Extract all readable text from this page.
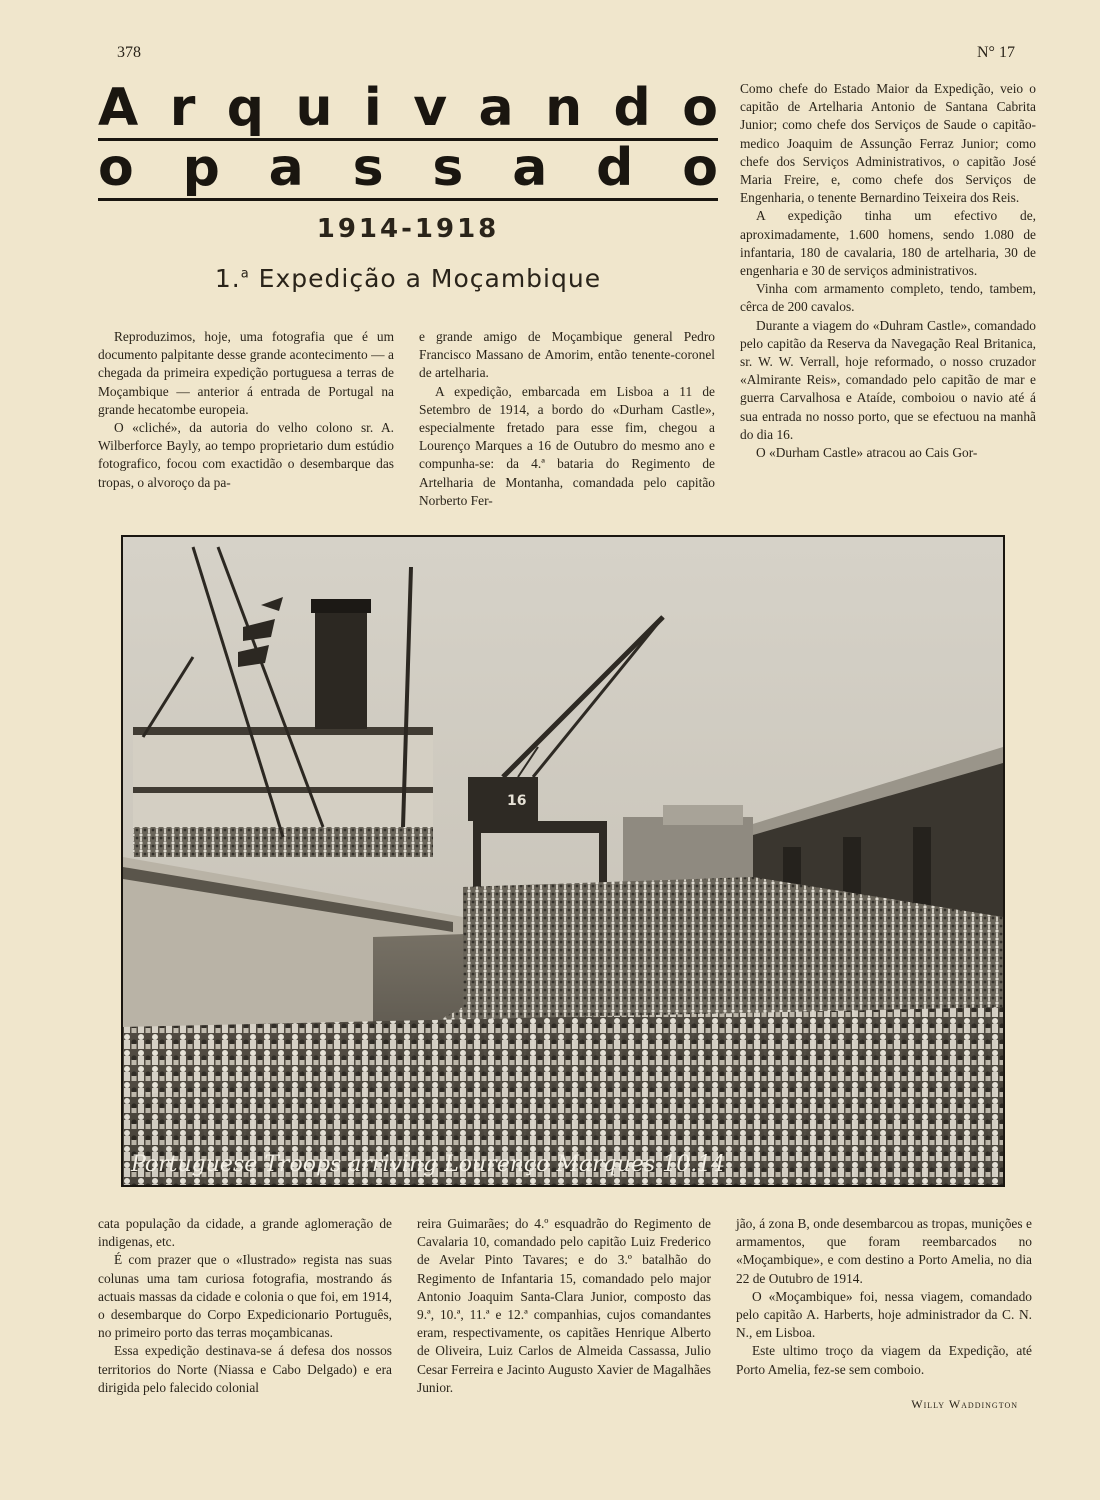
378	N° 17
A r q u i v a n d o
o p a s s a d o
1914-1918
1.$^a$ Expedição a Moçambique

Como chefe do Estado Maior da Expedição, veio o capitão de Artelharia Antonio de Santana Cabrita Junior; como chefe dos Serviços de Saude o capitão-medico Joaquim de Assunção Ferraz Junior; como chefe dos Serviços Administrativos, o capitão José Maria Freire, e, como chefe dos Serviços de Engenharia, o tenente Bernardino Teixeira dos Reis.

A expedição tinha um efectivo de, aproximadamente, 1.600 homens, sendo 1.080 de infantaria, 180 de cavalaria, 180 de artelharia, 30 de engenharia e 30 de serviços administrativos.

Vinha com armamento completo, tendo, tambem, cêrca de 200 cavalos.

Durante a viagem do «Duhram Castle», comandado pelo capitão da Reserva da Navegação Real Britanica, sr. W. W. Verrall, hoje reformado, o nosso cruzador «Almirante Reis», comandado pelo capitão de mar e guerra Carvalhosa e Ataíde, comboiou o navio até á sua entrada no nosso porto, que se efectuou na manhã do dia 16.

O «Durham Castle» atracou ao Cais Gor-

Reproduzimos, hoje, uma fotografia que é um documento palpitante desse grande acontecimento — a chegada da primeira expedição portuguesa a terras de Moçambique — anterior á entrada de Portugal na grande hecatombe europeia.

O «cliché», da autoria do velho colono sr. A. Wilberforce Bayly, ao tempo proprietario dum estúdio fotografico, focou com exactidão o desembarque das tropas, o alvoroço da pa-

e grande amigo de Moçambique general Pedro Francisco Massano de Amorim, então tenente-coronel de artelharia.

A expedição, embarcada em Lisboa a 11 de Setembro de 1914, a bordo do «Durham Castle», especialmente fretado para esse fim, chegou a Lourenço Marques a 16 de Outubro do mesmo ano e compunha-se: da 4.ª bataria do Regimento de Artelharia de Montanha, comandada pelo capitão Norberto Fer-

16
Portuguese Troops arriving Lourenço Marques 10.14

cata população da cidade, a grande aglomeração de indigenas, etc.

É com prazer que o «Ilustrado» regista nas suas colunas uma tam curiosa fotografia, mostrando ás actuais massas da cidade e colonia o que foi, em 1914, o desembarque do Corpo Expedicionario Português, no primeiro porto das terras moçambicanas.

Essa expedição destinava-se á defesa dos nossos territorios do Norte (Niassa e Cabo Delgado) e era dirigida pelo falecido colonial

reira Guimarães; do 4.º esquadrão do Regimento de Cavalaria 10, comandado pelo capitão Luiz Frederico de Avelar Pinto Tavares; e do 3.º batalhão do Regimento de Infantaria 15, comandado pelo major Antonio Joaquim Santa-Clara Junior, composto das 9.ª, 10.ª, 11.ª e 12.ª companhias, cujos comandantes eram, respectivamente, os capitães Henrique Alberto de Oliveira, Luiz Carlos de Almeida Cassassa, Julio Cesar Ferreira e Jacinto Augusto Xavier de Magalhães Junior.

jão, á zona B, onde desembarcou as tropas, munições e armamentos, que foram reembarcados no «Moçambique», e com destino a Porto Amelia, no dia 22 de Outubro de 1914.

O «Moçambique» foi, nessa viagem, comandado pelo capitão A. Harberts, hoje administrador da C. N. N., em Lisboa.

Este ultimo troço da viagem da Expedição, até Porto Amelia, fez-se sem comboio.

Willy Waddington
